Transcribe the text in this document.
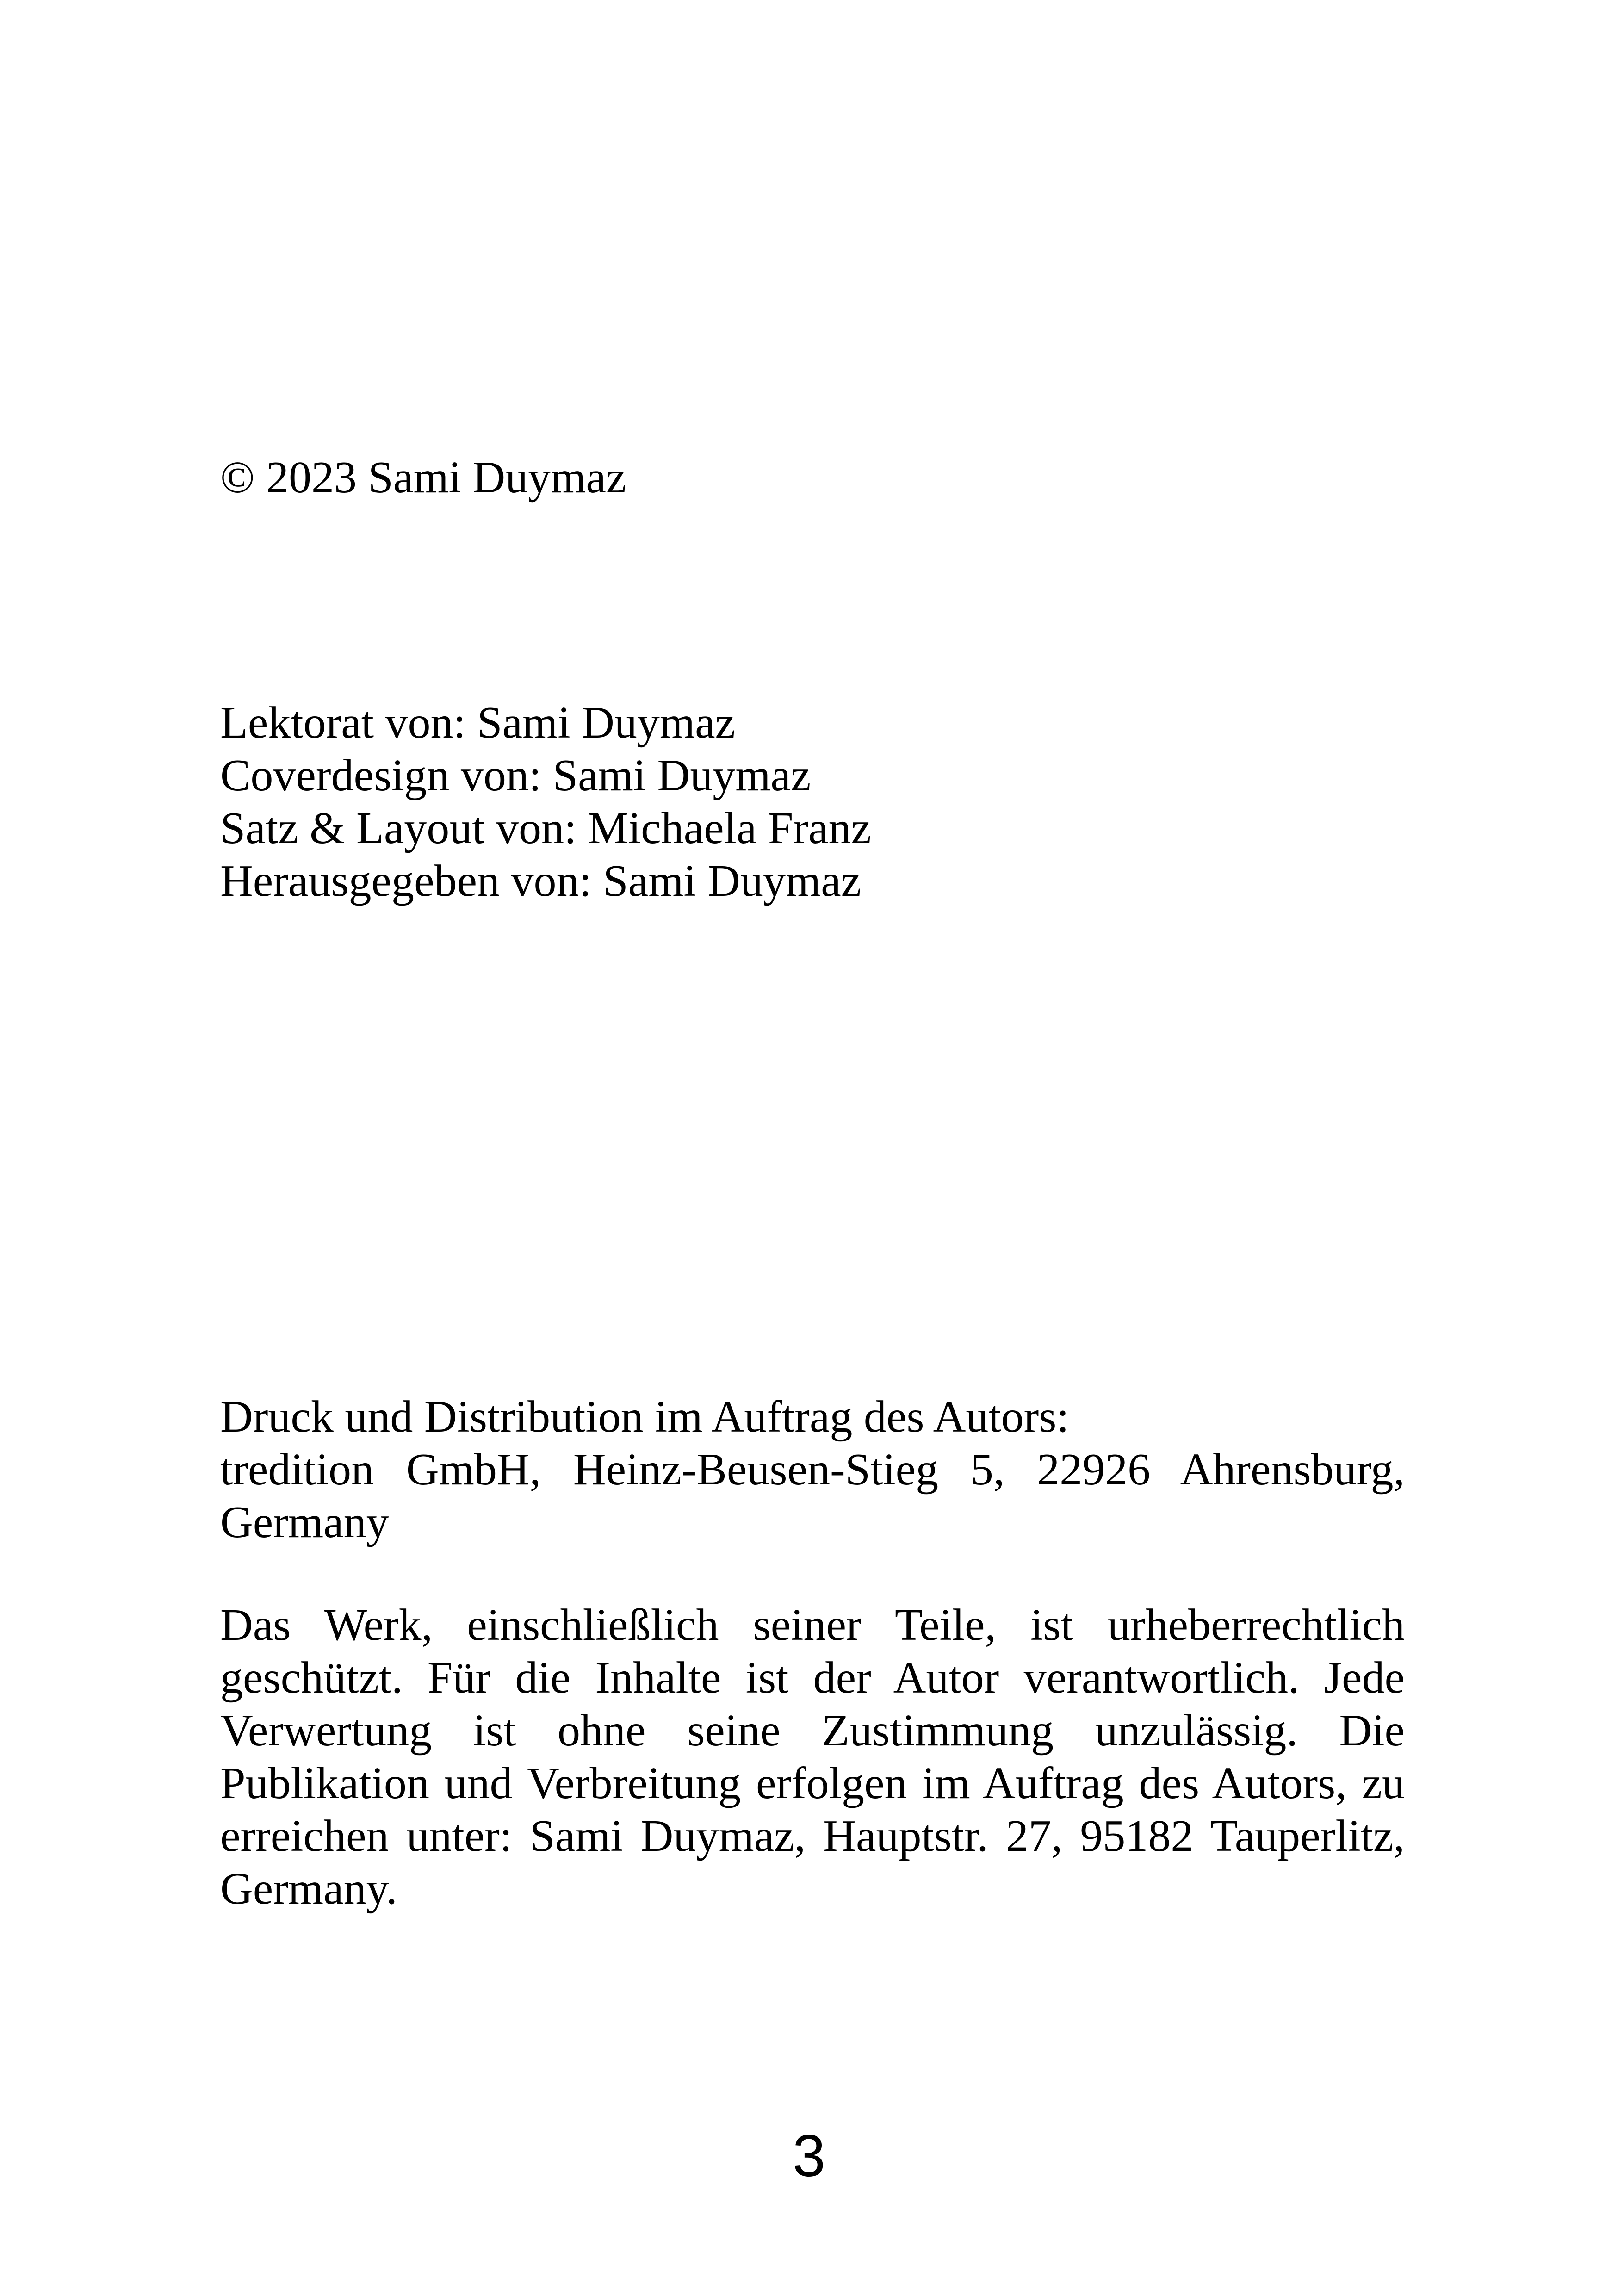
© 2023 Sami Duymaz
Lektorat von: Sami Duymaz
Coverdesign von: Sami Duymaz
Satz & Layout von: Michaela Franz
Herausgegeben von: Sami Duymaz
Druck und Distribution im Auftrag des Autors:
tredition GmbH, Heinz-Beusen-Stieg 5, 22926 Ahrensburg, Germany
Das Werk, einschließlich seiner Teile, ist urheberrechtlich geschützt. Für die Inhalte ist der Autor verantwortlich. Jede Verwertung ist ohne seine Zustimmung unzulässig. Die Publikation und Verbreitung erfolgen im Auftrag des Autors, zu erreichen unter: Sami Duymaz, Hauptstr. 27, 95182 Tauperlitz, Germany.
3
